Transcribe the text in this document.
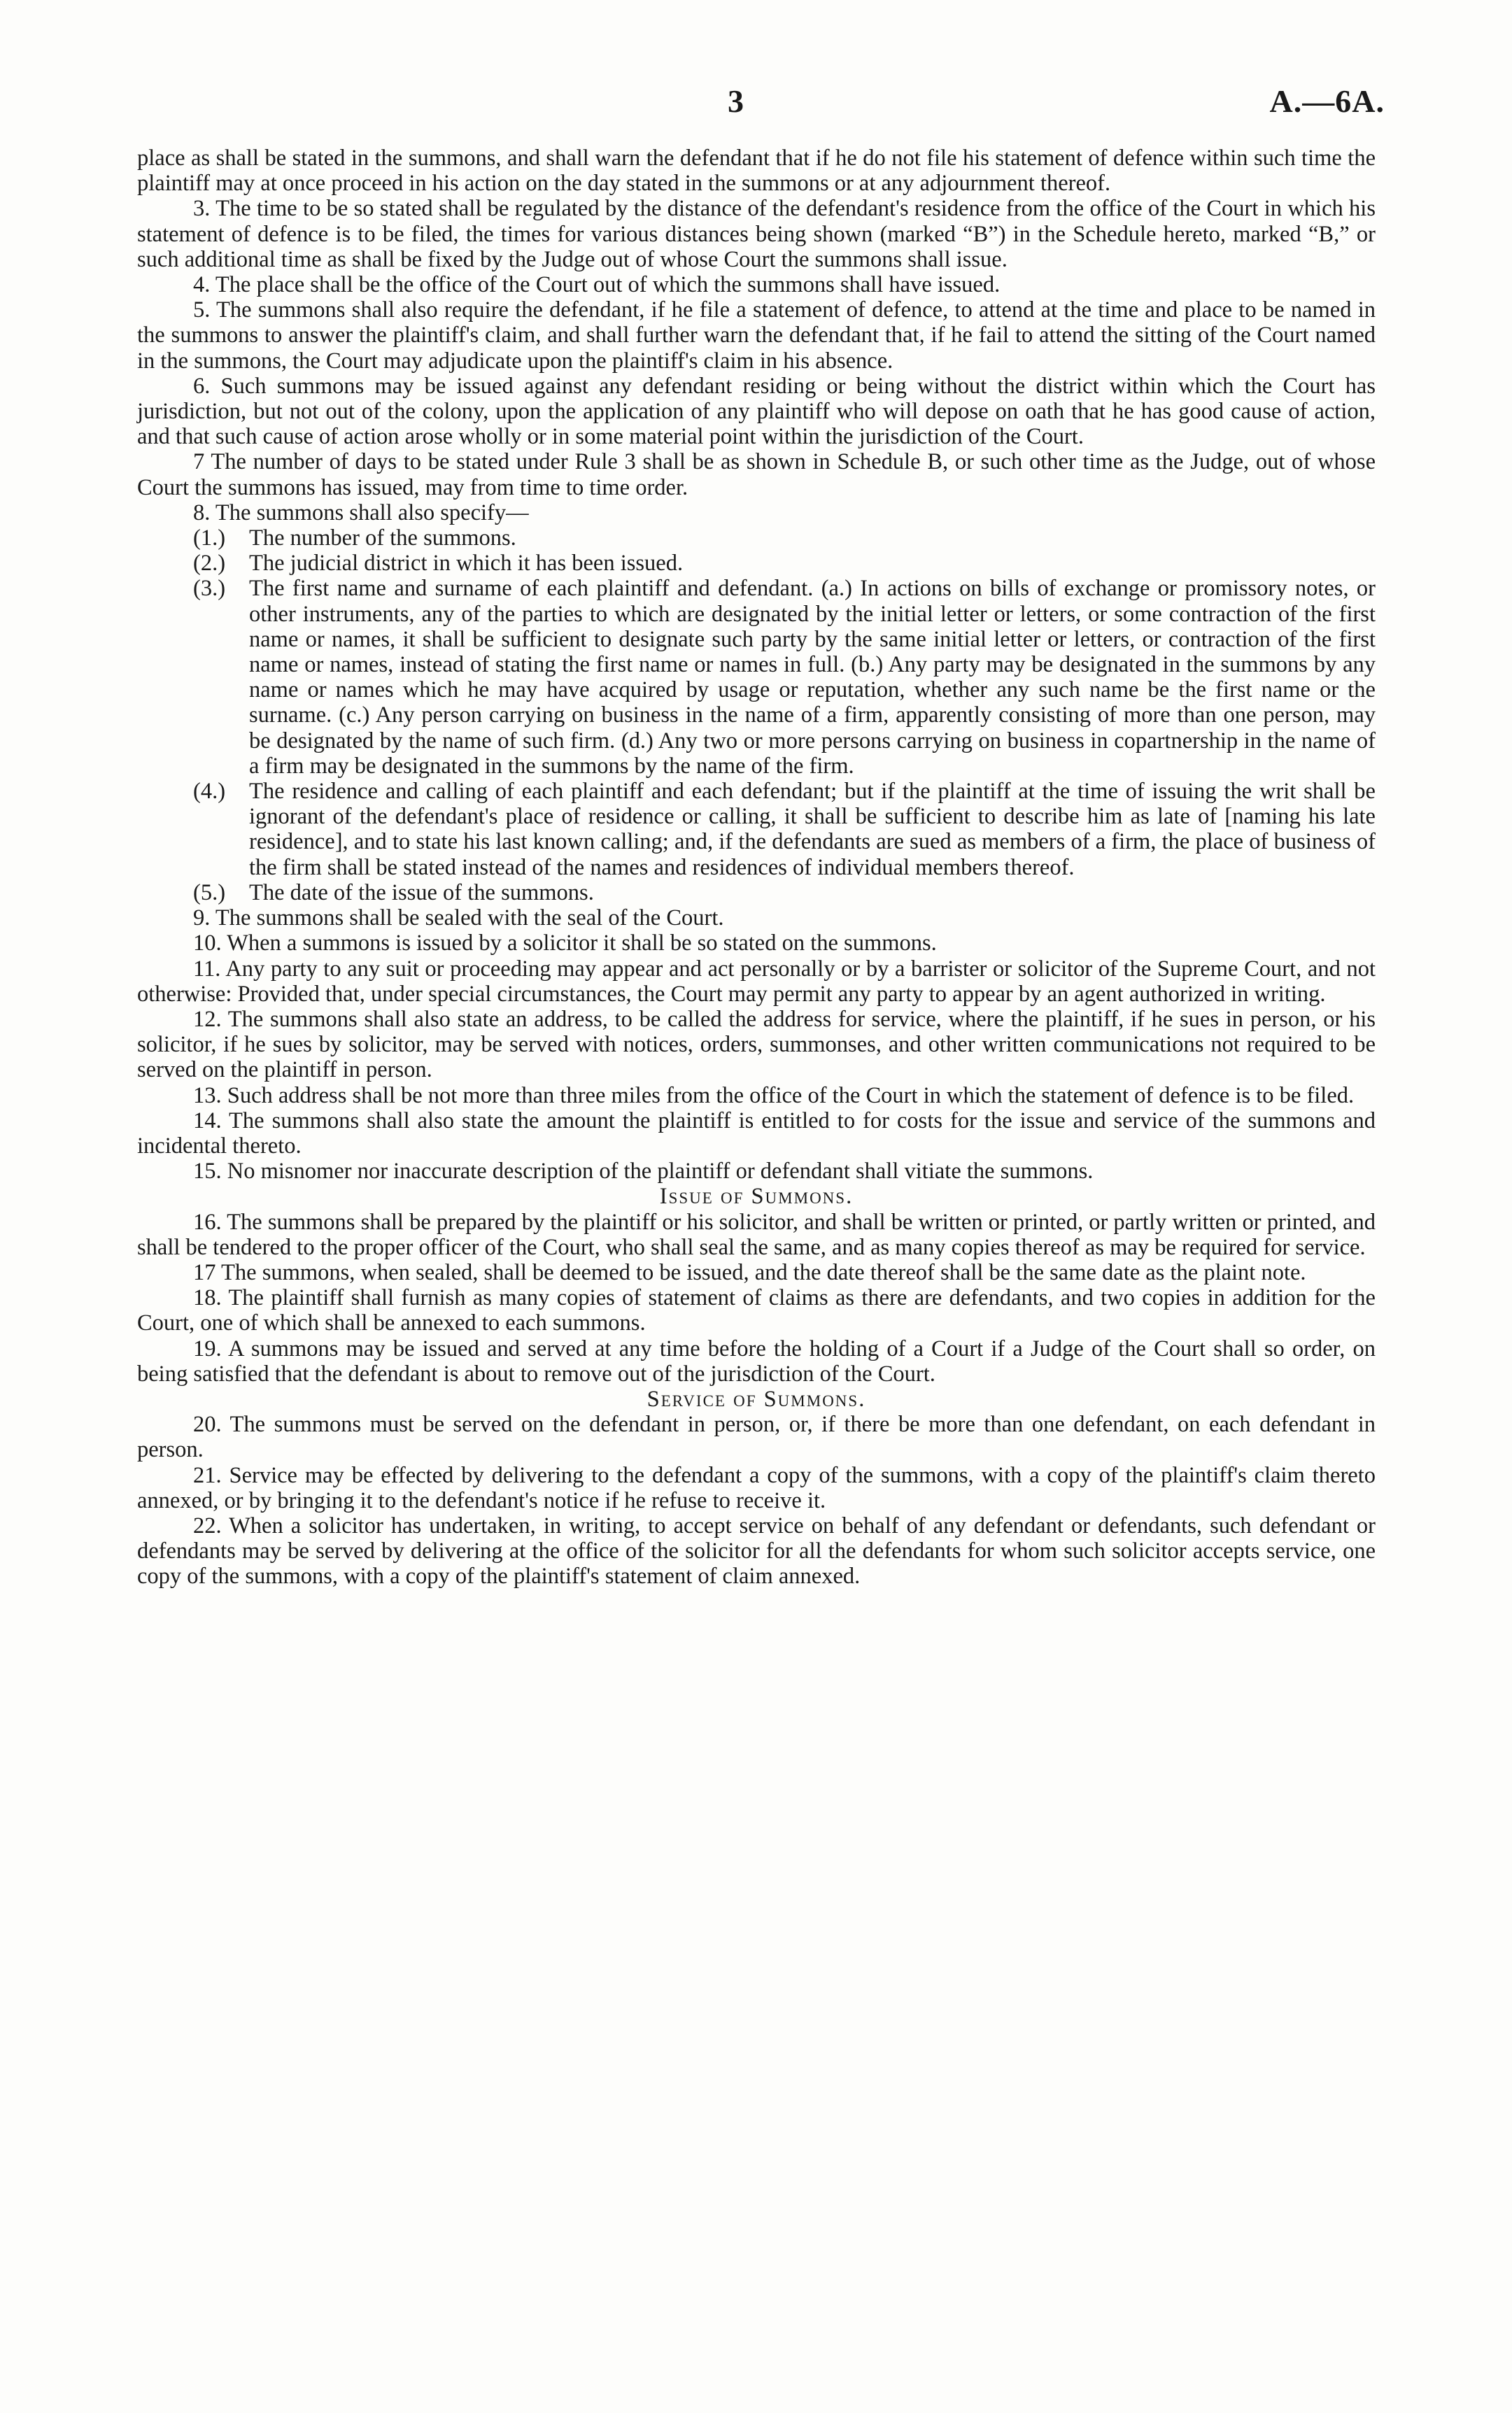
3	A.—6A.

place as shall be stated in the summons, and shall warn the defendant that if he do not file his statement of defence within such time the plaintiff may at once proceed in his action on the day stated in the summons or at any adjournment thereof.

3. The time to be so stated shall be regulated by the distance of the defendant's residence from the office of the Court in which his statement of defence is to be filed, the times for various distances being shown (marked “B”) in the Schedule hereto, marked “B,” or such additional time as shall be fixed by the Judge out of whose Court the summons shall issue.

4. The place shall be the office of the Court out of which the summons shall have issued.

5. The summons shall also require the defendant, if he file a statement of defence, to attend at the time and place to be named in the summons to answer the plaintiff's claim, and shall further warn the defendant that, if he fail to attend the sitting of the Court named in the summons, the Court may adjudicate upon the plaintiff's claim in his absence.

6. Such summons may be issued against any defendant residing or being without the district within which the Court has jurisdiction, but not out of the colony, upon the application of any plaintiff who will depose on oath that he has good cause of action, and that such cause of action arose wholly or in some material point within the jurisdiction of the Court.

7 The number of days to be stated under Rule 3 shall be as shown in Schedule B, or such other time as the Judge, out of whose Court the summons has issued, may from time to time order.

8. The summons shall also specify—

(1.) The number of the summons.

(2.) The judicial district in which it has been issued.

(3.) The first name and surname of each plaintiff and defendant. (a.) In actions on bills of exchange or promissory notes, or other instruments, any of the parties to which are designated by the initial letter or letters, or some contraction of the first name or names, it shall be sufficient to designate such party by the same initial letter or letters, or contraction of the first name or names, instead of stating the first name or names in full. (b.) Any party may be designated in the summons by any name or names which he may have acquired by usage or reputation, whether any such name be the first name or the surname. (c.) Any person carrying on business in the name of a firm, apparently consisting of more than one person, may be designated by the name of such firm. (d.) Any two or more persons carrying on business in copartnership in the name of a firm may be designated in the summons by the name of the firm.

(4.) The residence and calling of each plaintiff and each defendant; but if the plaintiff at the time of issuing the writ shall be ignorant of the defendant's place of residence or calling, it shall be sufficient to describe him as late of [naming his late residence], and to state his last known calling; and, if the defendants are sued as members of a firm, the place of business of the firm shall be stated instead of the names and residences of individual members thereof.

(5.) The date of the issue of the summons.

9. The summons shall be sealed with the seal of the Court.

10. When a summons is issued by a solicitor it shall be so stated on the summons.

11. Any party to any suit or proceeding may appear and act personally or by a barrister or solicitor of the Supreme Court, and not otherwise: Provided that, under special circumstances, the Court may permit any party to appear by an agent authorized in writing.

12. The summons shall also state an address, to be called the address for service, where the plaintiff, if he sues in person, or his solicitor, if he sues by solicitor, may be served with notices, orders, summonses, and other written communications not required to be served on the plaintiff in person.

13. Such address shall be not more than three miles from the office of the Court in which the statement of defence is to be filed.

14. The summons shall also state the amount the plaintiff is entitled to for costs for the issue and service of the summons and incidental thereto.

15. No misnomer nor inaccurate description of the plaintiff or defendant shall vitiate the summons.

Issue of Summons.

16. The summons shall be prepared by the plaintiff or his solicitor, and shall be written or printed, or partly written or printed, and shall be tendered to the proper officer of the Court, who shall seal the same, and as many copies thereof as may be required for service.

17 The summons, when sealed, shall be deemed to be issued, and the date thereof shall be the same date as the plaint note.

18. The plaintiff shall furnish as many copies of statement of claims as there are defendants, and two copies in addition for the Court, one of which shall be annexed to each summons.

19. A summons may be issued and served at any time before the holding of a Court if a Judge of the Court shall so order, on being satisfied that the defendant is about to remove out of the jurisdiction of the Court.

Service of Summons.

20. The summons must be served on the defendant in person, or, if there be more than one defendant, on each defendant in person.

21. Service may be effected by delivering to the defendant a copy of the summons, with a copy of the plaintiff's claim thereto annexed, or by bringing it to the defendant's notice if he refuse to receive it.

22. When a solicitor has undertaken, in writing, to accept service on behalf of any defendant or defendants, such defendant or defendants may be served by delivering at the office of the solicitor for all the defendants for whom such solicitor accepts service, one copy of the summons, with a copy of the plaintiff's statement of claim annexed.
